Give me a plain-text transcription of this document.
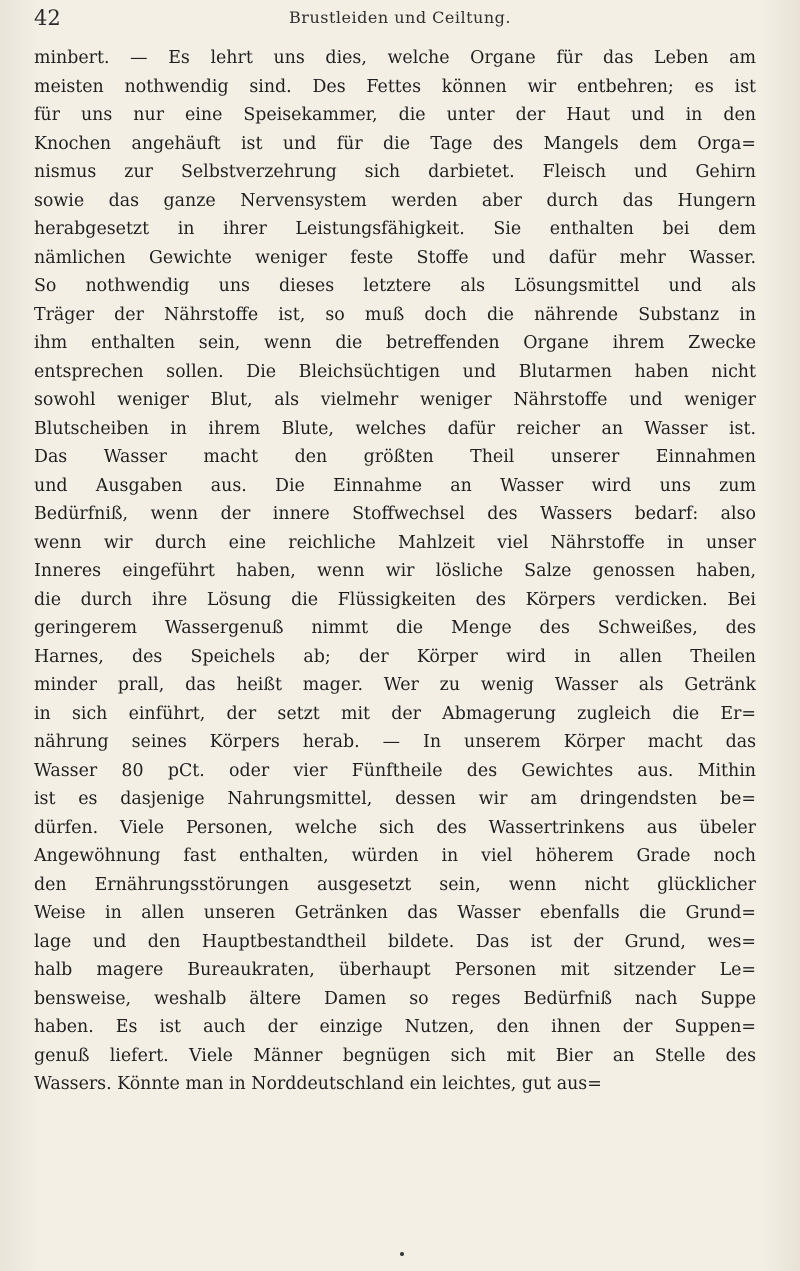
42	Brustleiden und Ceiltung.
minbert. — Es lehrt uns dies, welche Organe für das Leben am
meisten nothwendig sind. Des Fettes können wir entbehren; es ist
für uns nur eine Speisekammer, die unter der Haut und in den
Knochen angehäuft ist und für die Tage des Mangels dem Orga=
nismus zur Selbstverzehrung sich darbietet. Fleisch und Gehirn
sowie das ganze Nervensystem werden aber durch das Hungern
herabgesetzt in ihrer Leistungsfähigkeit. Sie enthalten bei dem
nämlichen Gewichte weniger feste Stoffe und dafür mehr Wasser.
So nothwendig uns dieses letztere als Lösungsmittel und als
Träger der Nährstoffe ist, so muß doch die nährende Substanz in
ihm enthalten sein, wenn die betreffenden Organe ihrem Zwecke
entsprechen sollen. Die Bleichsüchtigen und Blutarmen haben nicht
sowohl weniger Blut, als vielmehr weniger Nährstoffe und weniger
Blutscheiben in ihrem Blute, welches dafür reicher an Wasser ist.
Das Wasser macht den größten Theil unserer Einnahmen
und Ausgaben aus. Die Einnahme an Wasser wird uns zum
Bedürfniß, wenn der innere Stoffwechsel des Wassers bedarf: also
wenn wir durch eine reichliche Mahlzeit viel Nährstoffe in unser
Inneres eingeführt haben, wenn wir lösliche Salze genossen haben,
die durch ihre Lösung die Flüssigkeiten des Körpers verdicken. Bei
geringerem Wassergenuß nimmt die Menge des Schweißes, des
Harnes, des Speichels ab; der Körper wird in allen Theilen
minder prall, das heißt mager. Wer zu wenig Wasser als Getränk
in sich einführt, der setzt mit der Abmagerung zugleich die Er=
nährung seines Körpers herab. — In unserem Körper macht das
Wasser 80 pCt. oder vier Fünftheile des Gewichtes aus. Mithin
ist es dasjenige Nahrungsmittel, dessen wir am dringendsten be=
dürfen. Viele Personen, welche sich des Wassertrinkens aus übeler
Angewöhnung fast enthalten, würden in viel höherem Grade noch
den Ernährungsstörungen ausgesetzt sein, wenn nicht glücklicher
Weise in allen unseren Getränken das Wasser ebenfalls die Grund=
lage und den Hauptbestandtheil bildete. Das ist der Grund, wes=
halb magere Bureaukraten, überhaupt Personen mit sitzender Le=
bensweise, weshalb ältere Damen so reges Bedürfniß nach Suppe
haben. Es ist auch der einzige Nutzen, den ihnen der Suppen=
genuß liefert. Viele Männer begnügen sich mit Bier an Stelle des
Wassers. Könnte man in Norddeutschland ein leichtes, gut aus=
